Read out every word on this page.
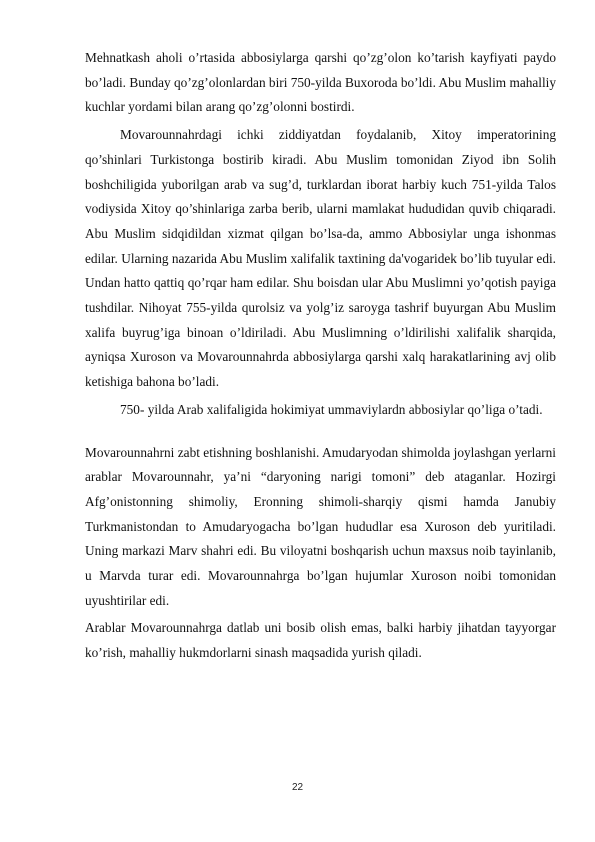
Mehnatkash aholi o’rtasida abbosiylarga qarshi qo’zg’olon ko’tarish kayfiyati paydo bo’ladi. Bunday qo’zg’olonlardan biri 750-yilda Buxoroda bo’ldi. Abu Muslim mahalliy kuchlar yordami bilan arang qo’zg’olonni bostirdi.

Movarounnahrdagi ichki ziddiyatdan foydalanib, Xitoy imperatorining qo’shinlari Turkistonga bostirib kiradi. Abu Muslim tomonidan Ziyod ibn Solih boshchiligida yuborilgan arab va sug’d, turklardan iborat harbiy kuch 751-yilda Talos vodiysida Xitoy qo’shinlariga zarba berib, ularni mamlakat hududidan quvib chiqaradi. Abu Muslim sidqidildan xizmat qilgan bo’lsa-da, ammo Abbosiylar unga ishonmas edilar. Ularning nazarida Abu Muslim xalifalik taxtining da'vogaridek bo’lib tuyular edi. Undan hatto qattiq qo’rqar ham edilar. Shu boisdan ular Abu Muslimni yo’qotish payiga tushdilar. Nihoyat 755-yilda qurolsiz va yolg’iz saroyga tashrif buyurgan Abu Muslim xalifa buyrug’iga binoan o’ldiriladi. Abu Muslimning o’ldirilishi xalifalik sharqida, ayniqsa Xuroson va Movarounnahrda abbosiylarga qarshi xalq harakatlarining avj olib ketishiga bahona bo’ladi.

750- yilda Arab xalifaligida hokimiyat ummaviylardn abbosiylar qo’liga o’tadi.

Movarounnahrni zabt etishning boshlanishi. Amudaryodan shimolda joylashgan yerlarni arablar Movarounnahr, ya’ni “daryoning narigi tomoni” deb ataganlar. Hozirgi Afg’onistonning shimoliy, Eronning shimoli-sharqiy qismi hamda Janubiy Turkmanistondan to Amudaryogacha bo’lgan hududlar esa Xuroson deb yuritiladi. Uning markazi Marv shahri edi. Bu viloyatni boshqarish uchun maxsus noib tayinlanib, u Marvda turar edi. Movarounnahrga bo’lgan hujumlar Xuroson noibi tomonidan uyushtirilar edi.

Arablar Movarounnahrga datlab uni bosib olish emas, balki harbiy jihatdan tayyorgar ko’rish, mahalliy hukmdorlarni sinash maqsadida yurish qiladi.

22
